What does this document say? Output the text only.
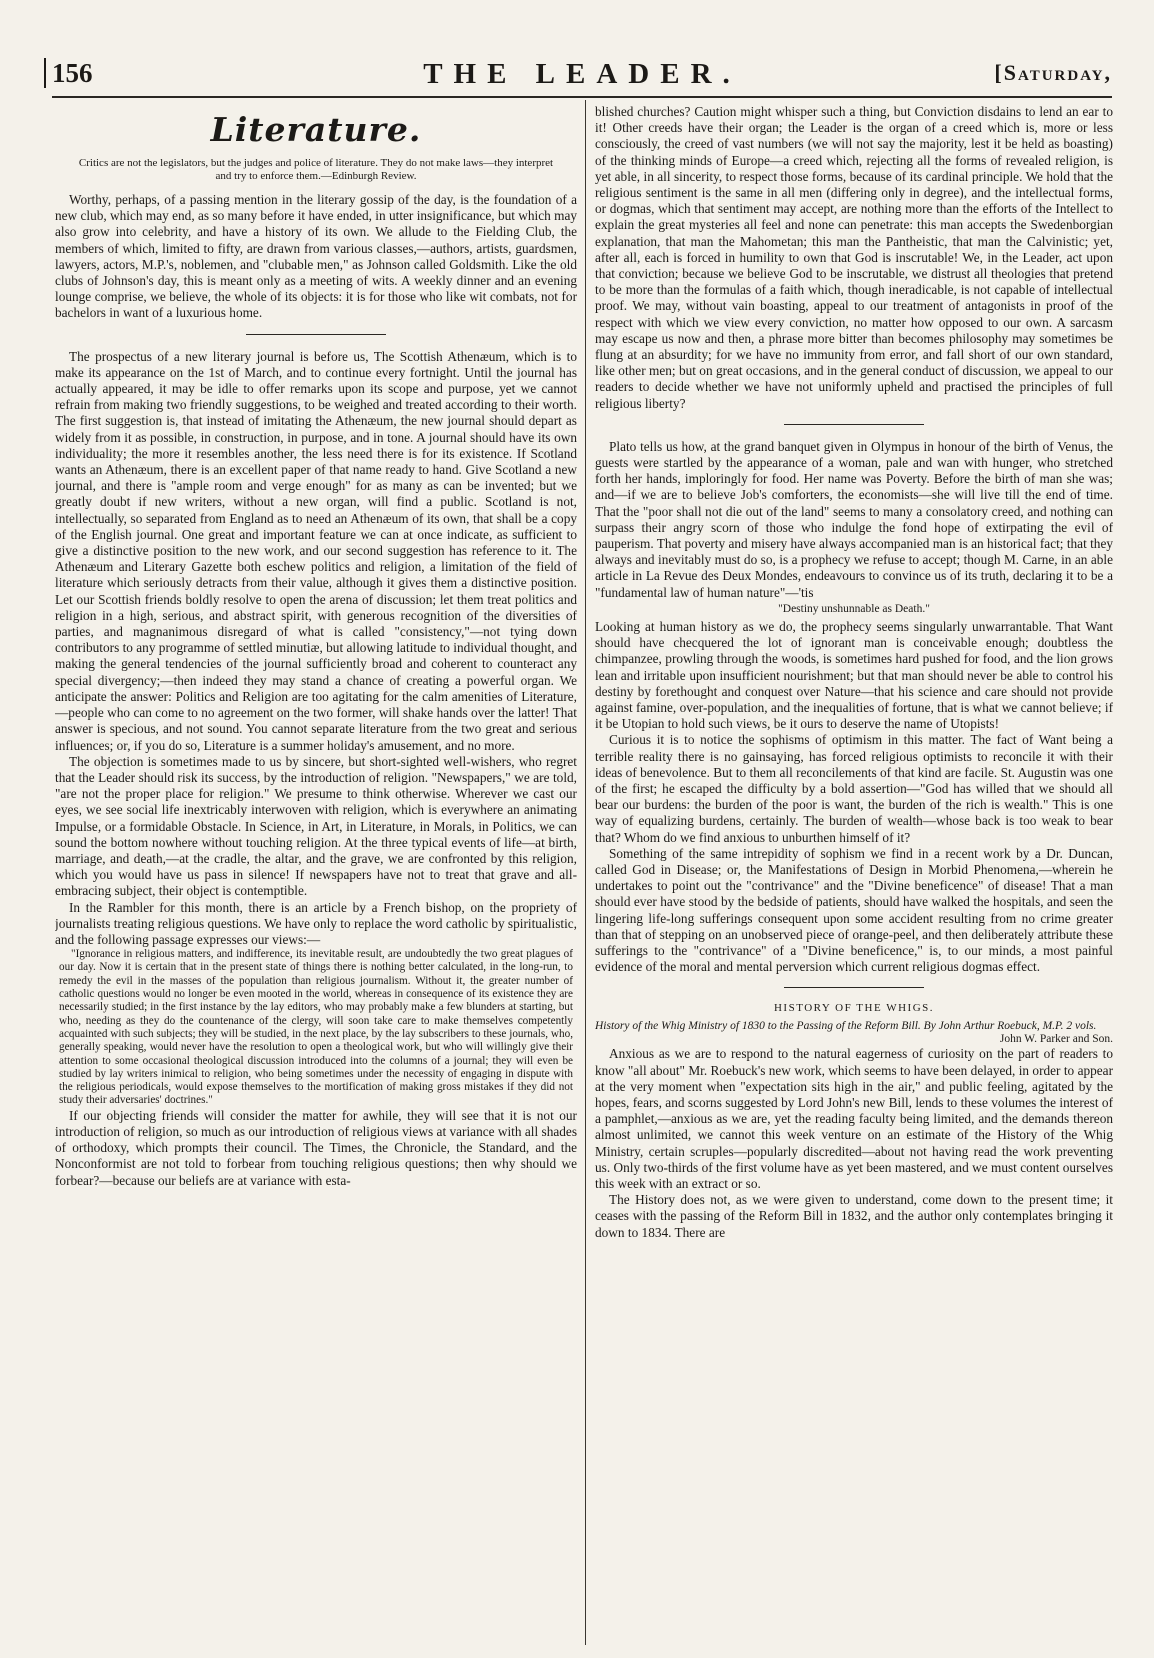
156	THE LEADER.	[Saturday,
Literature.
Critics are not the legislators, but the judges and police of literature. They do not make laws—they interpret and try to enforce them.—Edinburgh Review.

Worthy, perhaps, of a passing mention in the literary gossip of the day, is the foundation of a new club, which may end, as so many before it have ended, in utter insignificance, but which may also grow into celebrity, and have a history of its own. We allude to the Fielding Club, the members of which, limited to fifty, are drawn from various classes,—authors, artists, guardsmen, lawyers, actors, M.P.'s, noblemen, and "clubable men," as Johnson called Goldsmith. Like the old clubs of Johnson's day, this is meant only as a meeting of wits. A weekly dinner and an evening lounge comprise, we believe, the whole of its objects: it is for those who like wit combats, not for bachelors in want of a luxurious home.

The prospectus of a new literary journal is before us, The Scottish Athenæum, which is to make its appearance on the 1st of March, and to continue every fortnight. Until the journal has actually appeared, it may be idle to offer remarks upon its scope and purpose, yet we cannot refrain from making two friendly suggestions, to be weighed and treated according to their worth. The first suggestion is, that instead of imitating the Athenæum, the new journal should depart as widely from it as possible, in construction, in purpose, and in tone. A journal should have its own individuality; the more it resembles another, the less need there is for its existence. If Scotland wants an Athenæum, there is an excellent paper of that name ready to hand. Give Scotland a new journal, and there is "ample room and verge enough" for as many as can be invented; but we greatly doubt if new writers, without a new organ, will find a public. Scotland is not, intellectually, so separated from England as to need an Athenæum of its own, that shall be a copy of the English journal. One great and important feature we can at once indicate, as sufficient to give a distinctive position to the new work, and our second suggestion has reference to it. The Athenæum and Literary Gazette both eschew politics and religion, a limitation of the field of literature which seriously detracts from their value, although it gives them a distinctive position. Let our Scottish friends boldly resolve to open the arena of discussion; let them treat politics and religion in a high, serious, and abstract spirit, with generous recognition of the diversities of parties, and magnanimous disregard of what is called "consistency,"—not tying down contributors to any programme of settled minutiæ, but allowing latitude to individual thought, and making the general tendencies of the journal sufficiently broad and coherent to counteract any special divergency;—then indeed they may stand a chance of creating a powerful organ. We anticipate the answer: Politics and Religion are too agitating for the calm amenities of Literature,—people who can come to no agreement on the two former, will shake hands over the latter! That answer is specious, and not sound. You cannot separate literature from the two great and serious influences; or, if you do so, Literature is a summer holiday's amusement, and no more.

The objection is sometimes made to us by sincere, but short-sighted well-wishers, who regret that the Leader should risk its success, by the introduction of religion. "Newspapers," we are told, "are not the proper place for religion." We presume to think otherwise. Wherever we cast our eyes, we see social life inextricably interwoven with religion, which is everywhere an animating Impulse, or a formidable Obstacle. In Science, in Art, in Literature, in Morals, in Politics, we can sound the bottom nowhere without touching religion. At the three typical events of life—at birth, marriage, and death,—at the cradle, the altar, and the grave, we are confronted by this religion, which you would have us pass in silence! If newspapers have not to treat that grave and all-embracing subject, their object is contemptible.

In the Rambler for this month, there is an article by a French bishop, on the propriety of journalists treating religious questions. We have only to replace the word catholic by spiritualistic, and the following passage expresses our views:—

"Ignorance in religious matters, and indifference, its inevitable result, are undoubtedly the two great plagues of our day. Now it is certain that in the present state of things there is nothing better calculated, in the long-run, to remedy the evil in the masses of the population than religious journalism. Without it, the greater number of catholic questions would no longer be even mooted in the world, whereas in consequence of its existence they are necessarily studied; in the first instance by the lay editors, who may probably make a few blunders at starting, but who, needing as they do the countenance of the clergy, will soon take care to make themselves competently acquainted with such subjects; they will be studied, in the next place, by the lay subscribers to these journals, who, generally speaking, would never have the resolution to open a theological work, but who will willingly give their attention to some occasional theological discussion introduced into the columns of a journal; they will even be studied by lay writers inimical to religion, who being sometimes under the necessity of engaging in dispute with the religious periodicals, would expose themselves to the mortification of making gross mistakes if they did not study their adversaries' doctrines."

If our objecting friends will consider the matter for awhile, they will see that it is not our introduction of religion, so much as our introduction of religious views at variance with all shades of orthodoxy, which prompts their council. The Times, the Chronicle, the Standard, and the Nonconformist are not told to forbear from touching religious questions; then why should we forbear?—because our beliefs are at variance with esta-

blished churches? Caution might whisper such a thing, but Conviction disdains to lend an ear to it! Other creeds have their organ; the Leader is the organ of a creed which is, more or less consciously, the creed of vast numbers (we will not say the majority, lest it be held as boasting) of the thinking minds of Europe—a creed which, rejecting all the forms of revealed religion, is yet able, in all sincerity, to respect those forms, because of its cardinal principle. We hold that the religious sentiment is the same in all men (differing only in degree), and the intellectual forms, or dogmas, which that sentiment may accept, are nothing more than the efforts of the Intellect to explain the great mysteries all feel and none can penetrate: this man accepts the Swedenborgian explanation, that man the Mahometan; this man the Pantheistic, that man the Calvinistic; yet, after all, each is forced in humility to own that God is inscrutable! We, in the Leader, act upon that conviction; because we believe God to be inscrutable, we distrust all theologies that pretend to be more than the formulas of a faith which, though ineradicable, is not capable of intellectual proof. We may, without vain boasting, appeal to our treatment of antagonists in proof of the respect with which we view every conviction, no matter how opposed to our own. A sarcasm may escape us now and then, a phrase more bitter than becomes philosophy may sometimes be flung at an absurdity; for we have no immunity from error, and fall short of our own standard, like other men; but on great occasions, and in the general conduct of discussion, we appeal to our readers to decide whether we have not uniformly upheld and practised the principles of full religious liberty?

Plato tells us how, at the grand banquet given in Olympus in honour of the birth of Venus, the guests were startled by the appearance of a woman, pale and wan with hunger, who stretched forth her hands, imploringly for food. Her name was Poverty. Before the birth of man she was; and—if we are to believe Job's comforters, the economists—she will live till the end of time. That the "poor shall not die out of the land" seems to many a consolatory creed, and nothing can surpass their angry scorn of those who indulge the fond hope of extirpating the evil of pauperism. That poverty and misery have always accompanied man is an historical fact; that they always and inevitably must do so, is a prophecy we refuse to accept; though M. Carne, in an able article in La Revue des Deux Mondes, endeavours to convince us of its truth, declaring it to be a "fundamental law of human nature"—'tis

"Destiny unshunnable as Death."

Looking at human history as we do, the prophecy seems singularly unwarrantable. That Want should have checquered the lot of ignorant man is conceivable enough; doubtless the chimpanzee, prowling through the woods, is sometimes hard pushed for food, and the lion grows lean and irritable upon insufficient nourishment; but that man should never be able to control his destiny by forethought and conquest over Nature—that his science and care should not provide against famine, over-population, and the inequalities of fortune, that is what we cannot believe; if it be Utopian to hold such views, be it ours to deserve the name of Utopists!

Curious it is to notice the sophisms of optimism in this matter. The fact of Want being a terrible reality there is no gainsaying, has forced religious optimists to reconcile it with their ideas of benevolence. But to them all reconcilements of that kind are facile. St. Augustin was one of the first; he escaped the difficulty by a bold assertion—"God has willed that we should all bear our burdens: the burden of the poor is want, the burden of the rich is wealth." This is one way of equalizing burdens, certainly. The burden of wealth—whose back is too weak to bear that? Whom do we find anxious to unburthen himself of it?

Something of the same intrepidity of sophism we find in a recent work by a Dr. Duncan, called God in Disease; or, the Manifestations of Design in Morbid Phenomena,—wherein he undertakes to point out the "contrivance" and the "Divine beneficence" of disease! That a man should ever have stood by the bedside of patients, should have walked the hospitals, and seen the lingering life-long sufferings consequent upon some accident resulting from no crime greater than that of stepping on an unobserved piece of orange-peel, and then deliberately attribute these sufferings to the "contrivance" of a "Divine beneficence," is, to our minds, a most painful evidence of the moral and mental perversion which current religious dogmas effect.

HISTORY OF THE WHIGS.
History of the Whig Ministry of 1830 to the Passing of the Reform Bill. By John Arthur Roebuck, M.P. 2 vols.
John W. Parker and Son.

Anxious as we are to respond to the natural eagerness of curiosity on the part of readers to know "all about" Mr. Roebuck's new work, which seems to have been delayed, in order to appear at the very moment when "expectation sits high in the air," and public feeling, agitated by the hopes, fears, and scorns suggested by Lord John's new Bill, lends to these volumes the interest of a pamphlet,—anxious as we are, yet the reading faculty being limited, and the demands thereon almost unlimited, we cannot this week venture on an estimate of the History of the Whig Ministry, certain scruples—popularly discredited—about not having read the work preventing us. Only two-thirds of the first volume have as yet been mastered, and we must content ourselves this week with an extract or so.

The History does not, as we were given to understand, come down to the present time; it ceases with the passing of the Reform Bill in 1832, and the author only contemplates bringing it down to 1834. There are
